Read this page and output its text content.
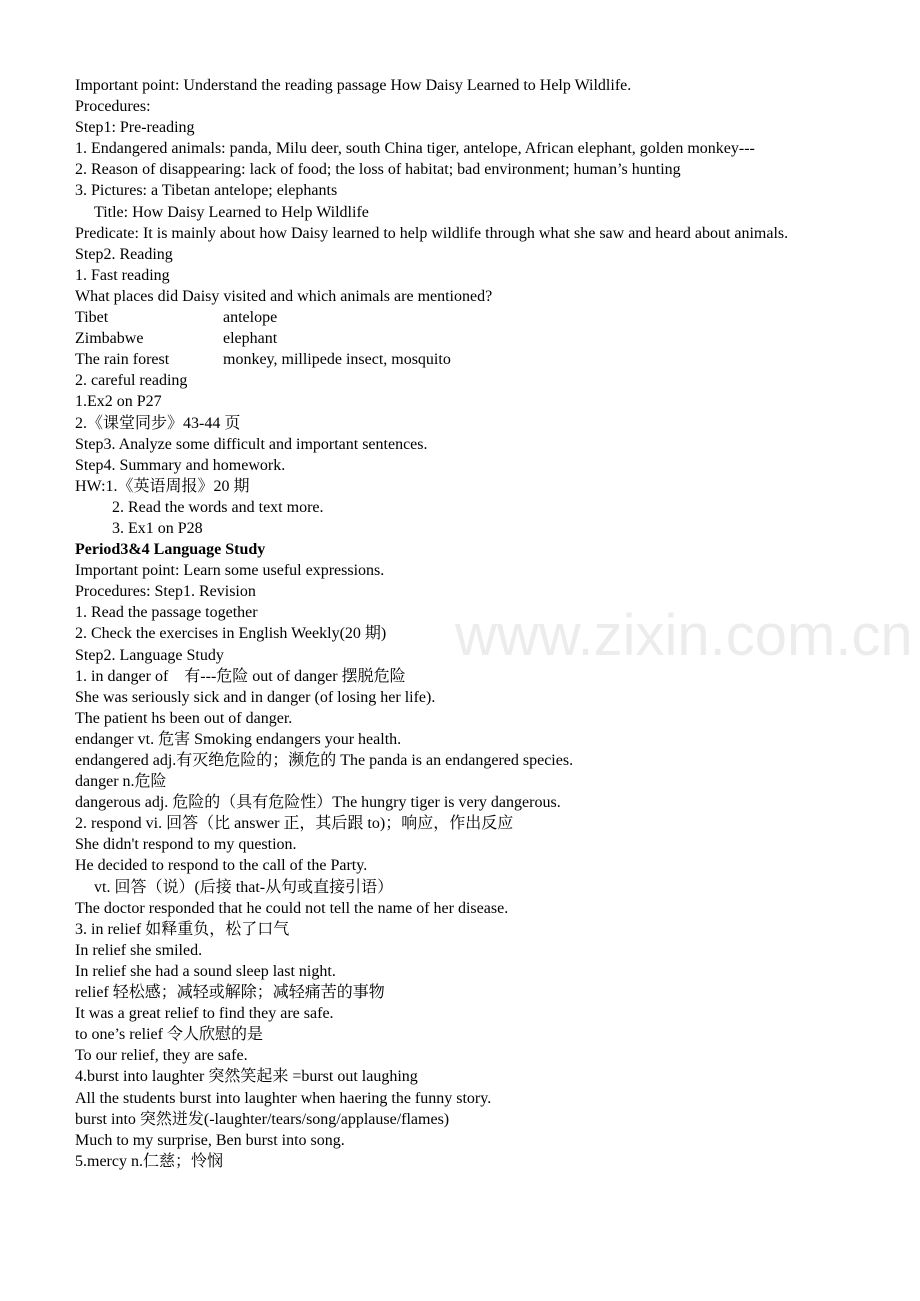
Important point: Understand the reading passage How Daisy Learned to Help Wildlife.
Procedures:
Step1: Pre-reading
1. Endangered animals: panda, Milu deer, south China tiger, antelope, African elephant, golden monkey---
2. Reason of disappearing: lack of food; the loss of habitat; bad environment; human’s hunting
3. Pictures: a Tibetan antelope; elephants
Title: How Daisy Learned to Help Wildlife
Predicate: It is mainly about how Daisy learned to help wildlife through what she saw and heard about animals.
Step2. Reading
1. Fast reading
What places did Daisy visited and which animals are mentioned?
Tibet	antelope
Zimbabwe	elephant
The rain forest	monkey, millipede insect, mosquito
2. careful reading
1.Ex2 on P27
2.《课堂同步》43-44 页
Step3. Analyze some difficult and important sentences.
Step4. Summary and homework.
HW:1.《英语周报》20 期
2. Read the words and text more.
3. Ex1 on P28
Period3&4 Language Study
Important point: Learn some useful expressions.
Procedures: Step1. Revision
1. Read the passage together
2. Check the exercises in English Weekly(20 期)
Step2. Language Study
1. in danger of　有---危险 out of danger 摆脱危险
She was seriously sick and in danger (of losing her life).
The patient hs been out of danger.
endanger vt. 危害 Smoking endangers your health.
endangered adj.有灭绝危险的；濒危的 The panda is an endangered species.
danger n.危险
dangerous adj. 危险的（具有危险性）The hungry tiger is very dangerous.
2. respond vi. 回答（比 answer 正，其后跟 to)；响应，作出反应
She didn't respond to my question.
He decided to respond to the call of the Party.
vt. 回答（说）(后接 that-从句或直接引语）
The doctor responded that he could not tell the name of her disease.
3. in relief 如释重负，松了口气
In relief she smiled.
In relief she had a sound sleep last night.
relief 轻松感；减轻或解除；减轻痛苦的事物
It was a great relief to find they are safe.
to one’s relief 令人欣慰的是
To our relief, they are safe.
4.burst into laughter 突然笑起来 =burst out laughing
All the students burst into laughter when haering the funny story.
burst into 突然迸发(-laughter/tears/song/applause/flames)
Much to my surprise, Ben burst into song.
5.mercy n.仁慈；怜悯
www.zixin.com.cn
